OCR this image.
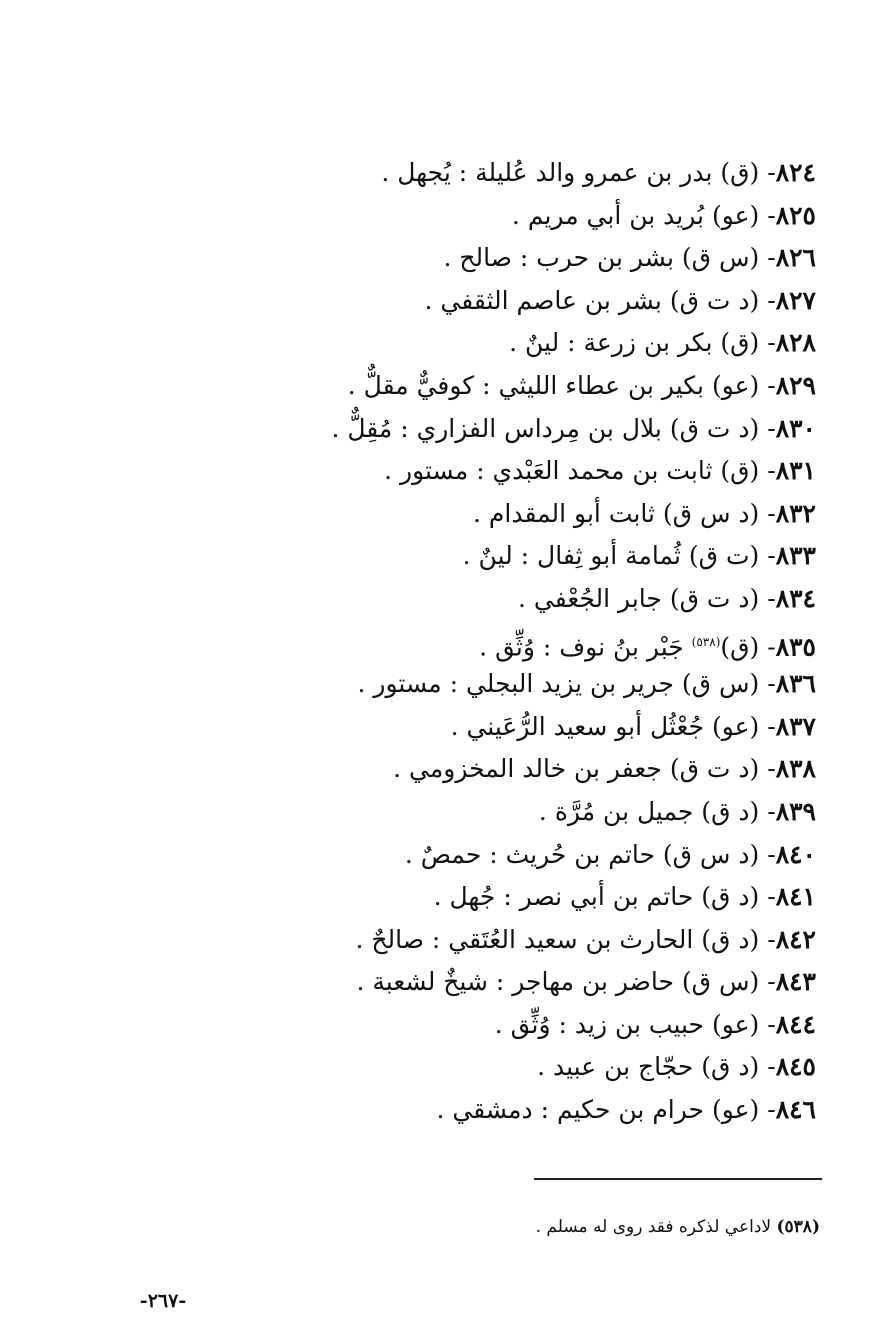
٨٢٤- (ق) بدر بن عمرو والد عُليلة : يُجهل .
٨٢٥- (عو) بُريد بن أبي مريم .
٨٢٦- (س ق) بشر بن حرب : صالح .
٨٢٧- (د ت ق) بشر بن عاصم الثقفي .
٨٢٨- (ق) بكر بن زرعة : لينٌ .
٨٢٩- (عو) بكير بن عطاء الليثي : كوفيٌّ مقلٌّ .
٨٣٠- (د ت ق) بلال بن مِرداس الفزاري : مُقِلٌّ .
٨٣١- (ق) ثابت بن محمد العَبْدي : مستور .
٨٣٢- (د س ق) ثابت أبو المقدام .
٨٣٣- (ت ق) ثُمامة أبو ثِفال : لينٌ .
٨٣٤- (د ت ق) جابر الجُعْفي .
٨٣٥- (ق)$^{(٥٣٨)}$ جَبْر بنُ نوف : وُثِّق .
٨٣٦- (س ق) جرير بن يزيد البجلي : مستور .
٨٣٧- (عو) جُعْثُل أبو سعيد الرُّعَيني .
٨٣٨- (د ت ق) جعفر بن خالد المخزومي .
٨٣٩- (د ق) جميل بن مُرَّة .
٨٤٠- (د س ق) حاتم بن حُريث : حمصٌ .
٨٤١- (د ق) حاتم بن أبي نصر : جُهل .
٨٤٢- (د ق) الحارث بن سعيد العُتَقي : صالحٌ .
٨٤٣- (س ق) حاضر بن مهاجر : شيخٌ لشعبة .
٨٤٤- (عو) حبيب بن زيد : وُثِّق .
٨٤٥- (د ق) حجّاج بن عبيد .
٨٤٦- (عو) حرام بن حكيم : دمشقي .
(٥٣٨) لاداعي لذكره فقد روى له مسلم .
-٢٦٧-
